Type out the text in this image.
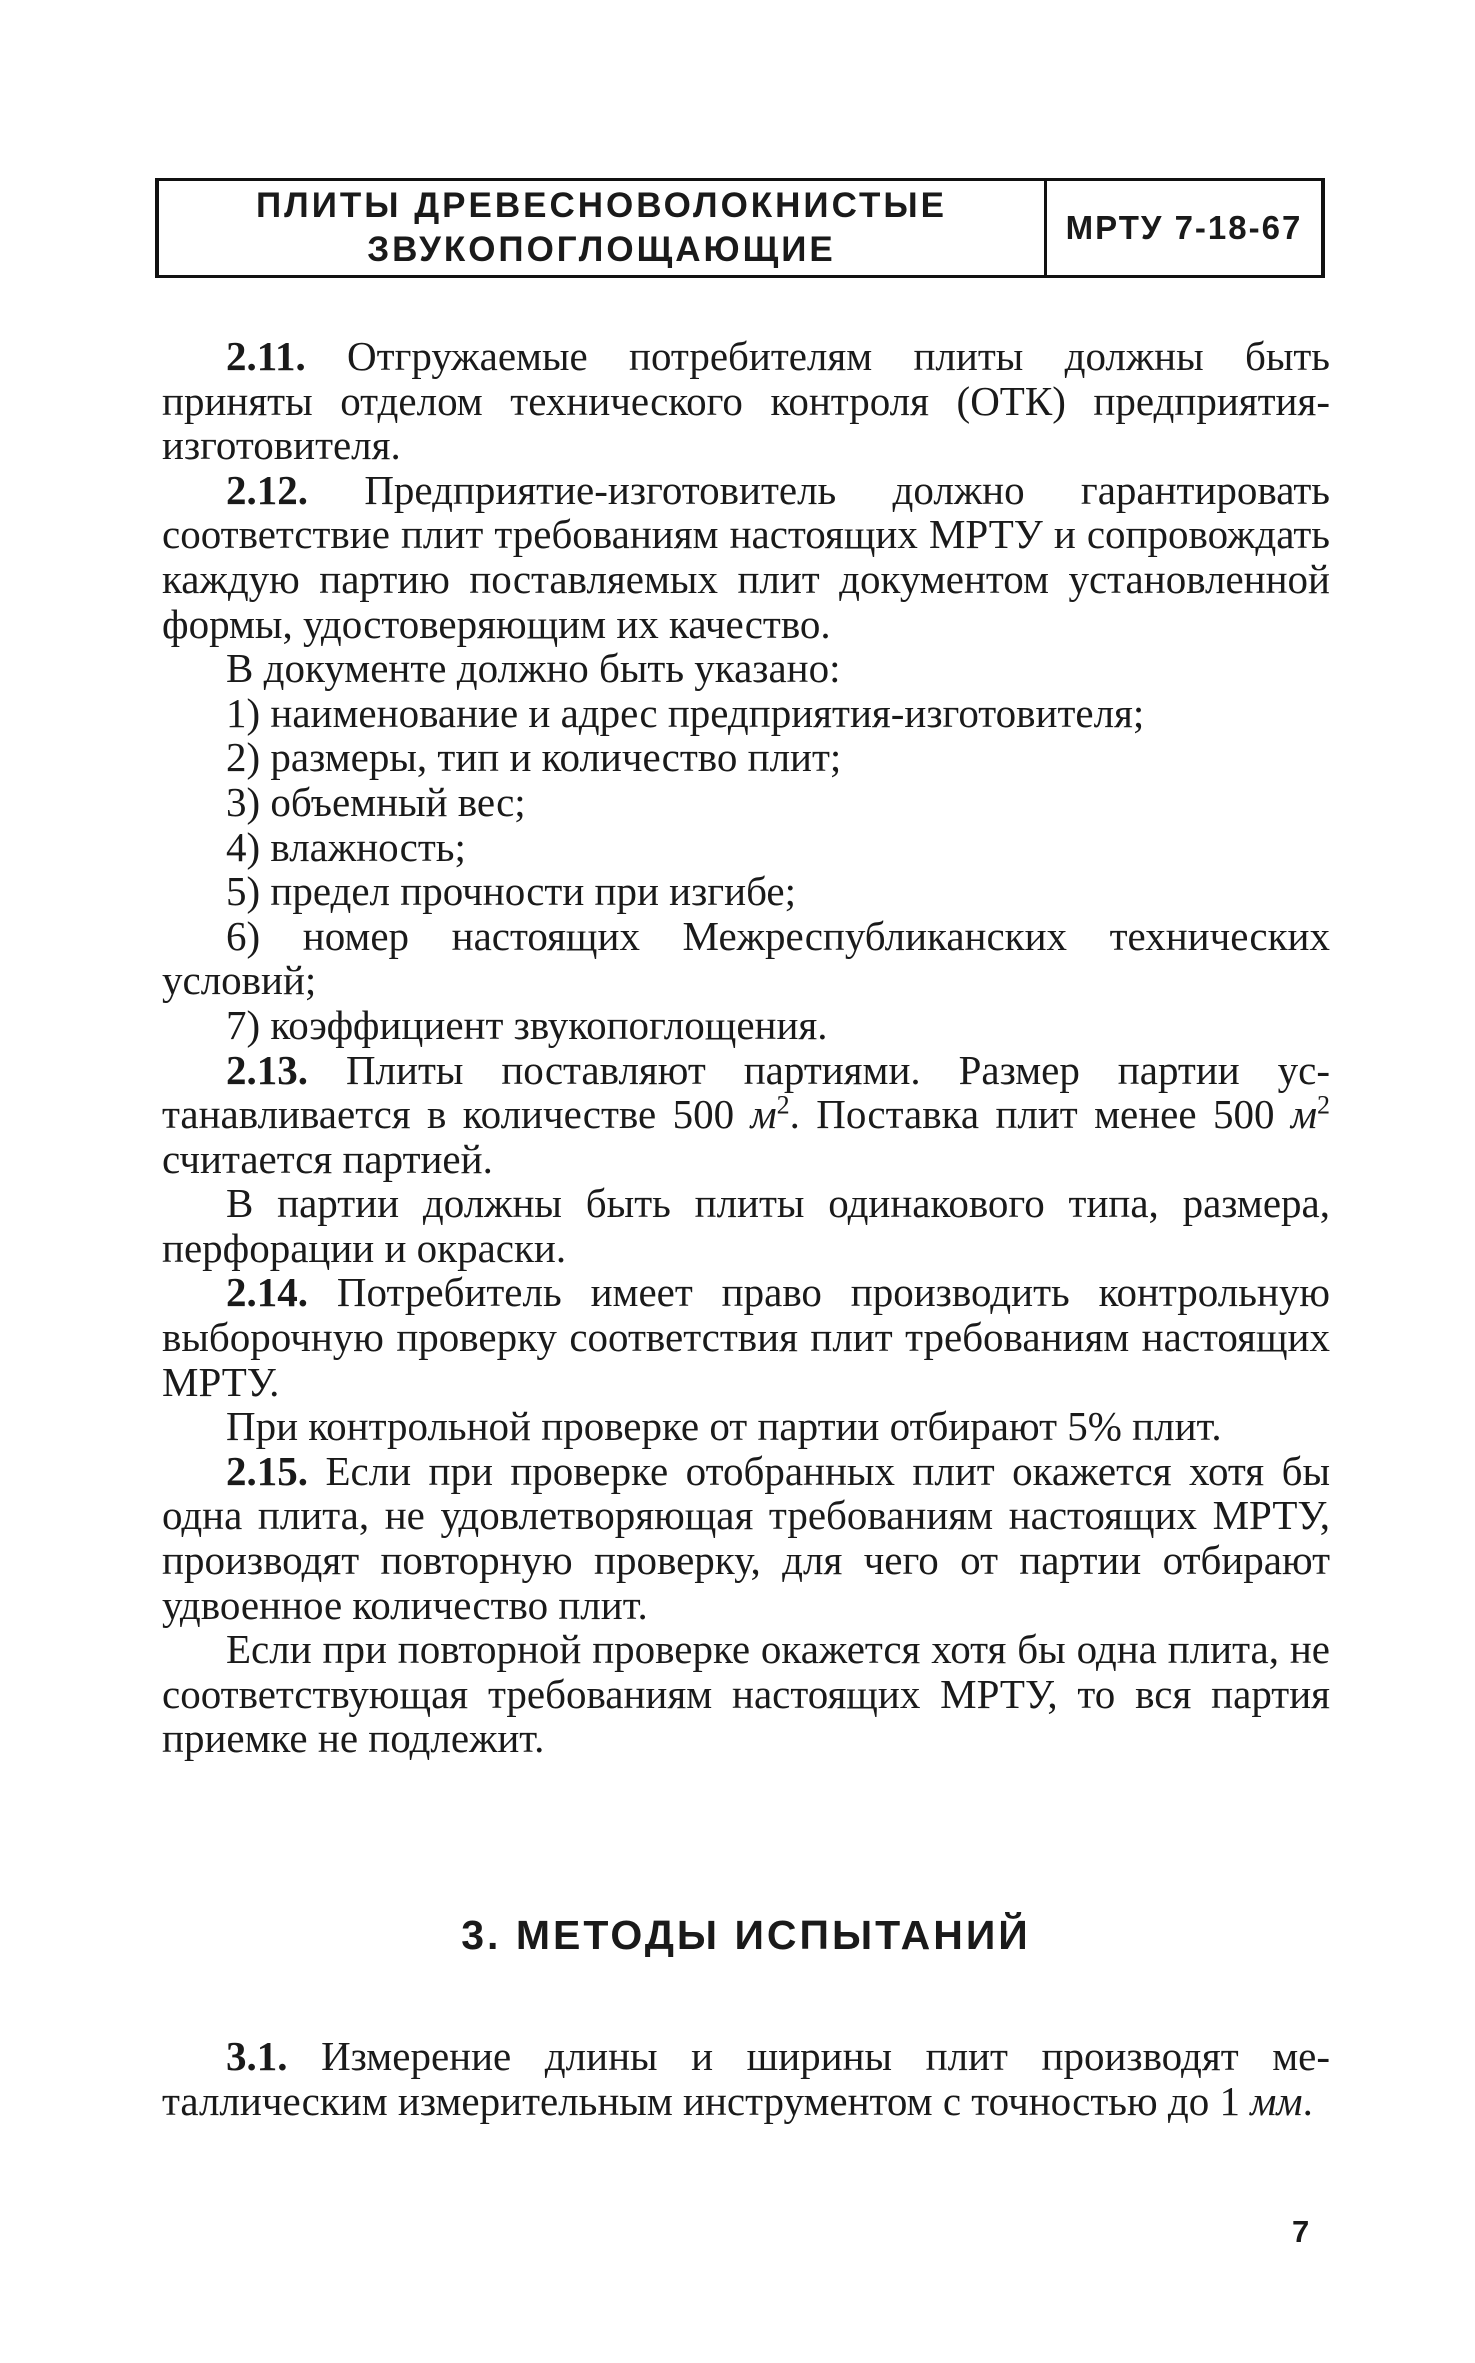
ПЛИТЫ ДРЕВЕСНОВОЛОКНИСТЫЕ
ЗВУКОПОГЛОЩАЮЩИЕ
МРТУ 7-18-67

2.11. Отгружаемые потребителям плиты должны быть приняты отделом технического контроля (ОТК) предприятия-изготовителя.

2.12. Предприятие-изготовитель должно гарантировать соответствие плит требованиям настоящих МРТУ и сопровождать каждую партию поставляемых плит документом установленной формы, удостоверяющим их качество.

В документе должно быть указано:

1) наименование и адрес предприятия-изготовителя;

2) размеры, тип и количество плит;

3) объемный вес;

4) влажность;

5) предел прочности при изгибе;

6) номер настоящих Межреспубликанских технических условий;

7) коэффициент звукопоглощения.

2.13. Плиты поставляют партиями. Размер партии устанавливается в количестве 500 $м^2$. Поставка плит менее 500 $м^2$ считается партией.

В партии должны быть плиты одинакового типа, размера, перфорации и окраски.

2.14. Потребитель имеет право производить контрольную выборочную проверку соответствия плит требованиям настоящих МРТУ.

При контрольной проверке от партии отбирают 5% плит.

2.15. Если при проверке отобранных плит окажется хотя бы одна плита, не удовлетворяющая требованиям настоящих МРТУ, производят повторную проверку, для чего от партии отбирают удвоенное количество плит.

Если при повторной проверке окажется хотя бы одна плита, не соответствующая требованиям настоящих МРТУ, то вся партия приемке не подлежит.

3. МЕТОДЫ ИСПЫТАНИЙ

3.1. Измерение длины и ширины плит производят металлическим измерительным инструментом с точностью до 1 мм.

7
